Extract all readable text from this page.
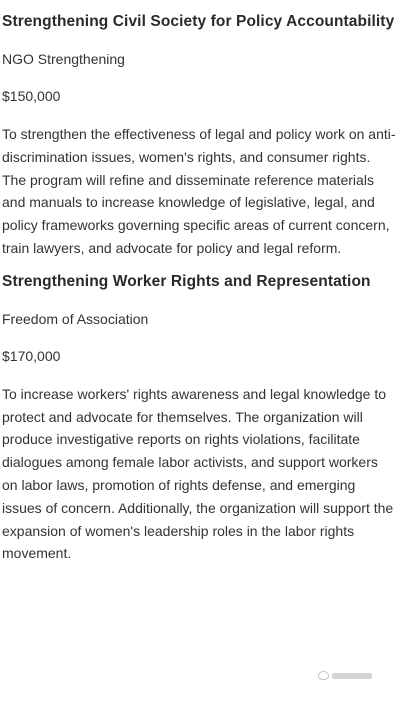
Strengthening Civil Society for Policy Accountability
NGO Strengthening
$150,000
To strengthen the effectiveness of legal and policy work on anti-discrimination issues, women's rights, and consumer rights. The program will refine and disseminate reference materials and manuals to increase knowledge of legislative, legal, and policy frameworks governing specific areas of current concern, train lawyers, and advocate for policy and legal reform.
Strengthening Worker Rights and Representation
Freedom of Association
$170,000
To increase workers' rights awareness and legal knowledge to protect and advocate for themselves. The organization will produce investigative reports on rights violations, facilitate dialogues among female labor activists, and support workers on labor laws, promotion of rights defense, and emerging issues of concern. Additionally, the organization will support the expansion of women's leadership roles in the labor rights movement.
